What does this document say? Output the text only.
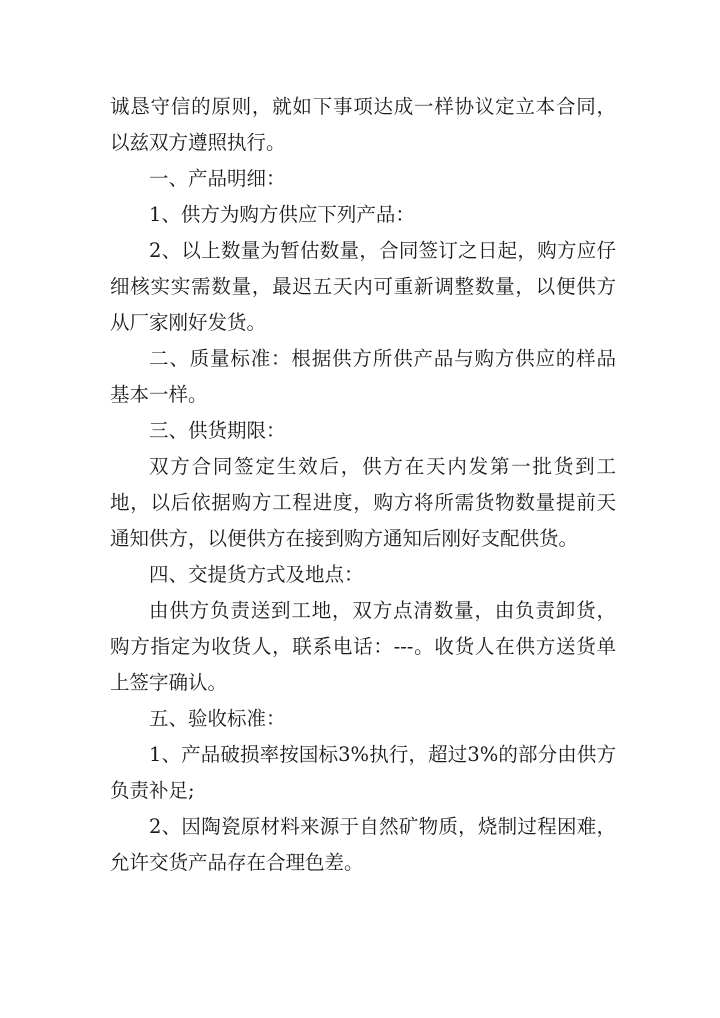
诚恳守信的原则，就如下事项达成一样协议定立本合同，以兹双方遵照执行。

一、产品明细：

1、供方为购方供应下列产品：

2、以上数量为暂估数量，合同签订之日起，购方应仔细核实实需数量，最迟五天内可重新调整数量，以便供方从厂家刚好发货。

二、质量标准：根据供方所供产品与购方供应的样品基本一样。

三、供货期限：

双方合同签定生效后，供方在天内发第一批货到工地，以后依据购方工程进度，购方将所需货物数量提前天通知供方，以便供方在接到购方通知后刚好支配供货。

四、交提货方式及地点：

由供方负责送到工地，双方点清数量，由负责卸货，购方指定为收货人，联系电话：---。收货人在供方送货单上签字确认。

五、验收标准：

1、产品破损率按国标3%执行，超过3%的部分由供方负责补足;

2、因陶瓷原材料来源于自然矿物质，烧制过程困难，允许交货产品存在合理色差。
